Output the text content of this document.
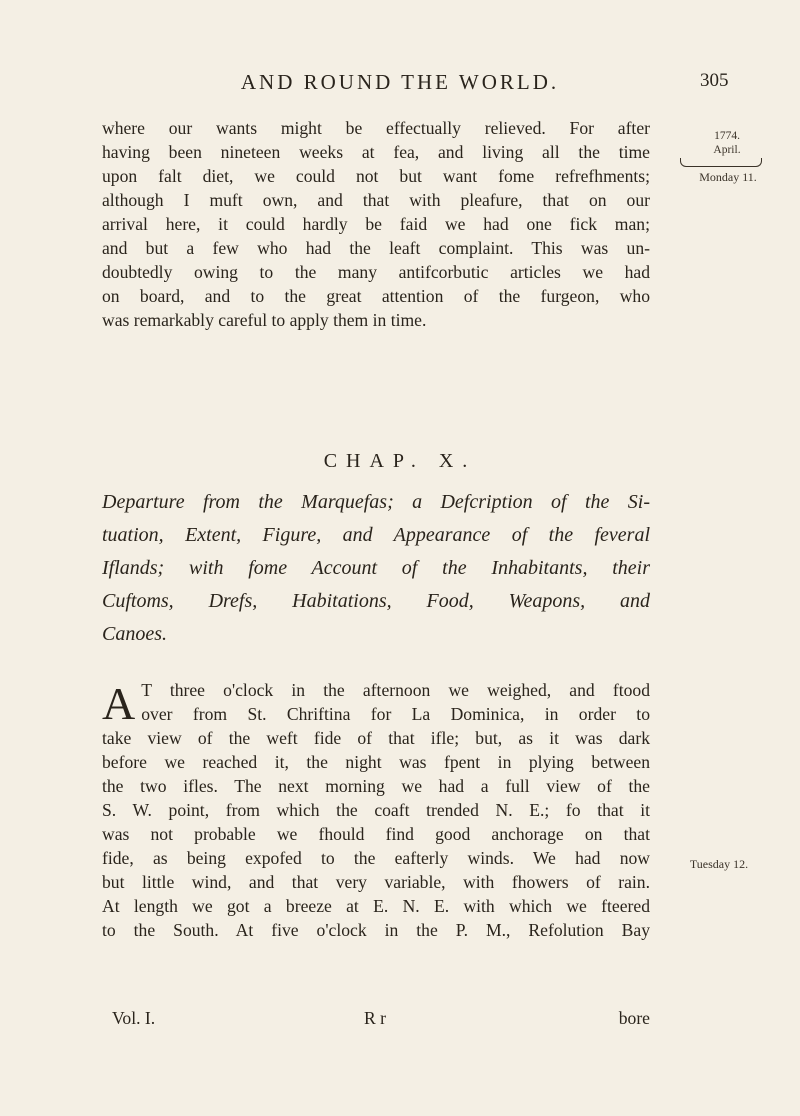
AND ROUND THE WORLD.	305
1774.
April.
Monday 11.
Tuesday 12.
where our wants might be effectually relieved. For after
having been nineteen weeks at fea, and living all the time
upon falt diet, we could not but want fome refrefhments;
although I muft own, and that with pleafure, that on our
arrival here, it could hardly be faid we had one fick man;
and but a few who had the leaft complaint. This was un-
doubtedly owing to the many antifcorbutic articles we had
on board, and to the great attention of the furgeon, who
was remarkably careful to apply them in time.
CHAP. X.
Departure from the Marquefas; a Defcription of the Si-
tuation, Extent, Figure, and Appearance of the feveral
Iflands; with fome Account of the Inhabitants, their
Cuftoms, Drefs, Habitations, Food, Weapons, and
Canoes.
A T three o'clock in the afternoon we weighed, and ftood
over from St. Chriftina for La Dominica, in order to
take view of the weft fide of that ifle; but, as it was dark
before we reached it, the night was fpent in plying between
the two ifles. The next morning we had a full view of the
S. W. point, from which the coaft trended N. E.; fo that it
was not probable we fhould find good anchorage on that
fide, as being expofed to the eafterly winds. We had now
but little wind, and that very variable, with fhowers of rain.
At length we got a breeze at E. N. E. with which we fteered
to the South. At five o'clock in the P. M., Refolution Bay
Vol. I.	R r	bore
